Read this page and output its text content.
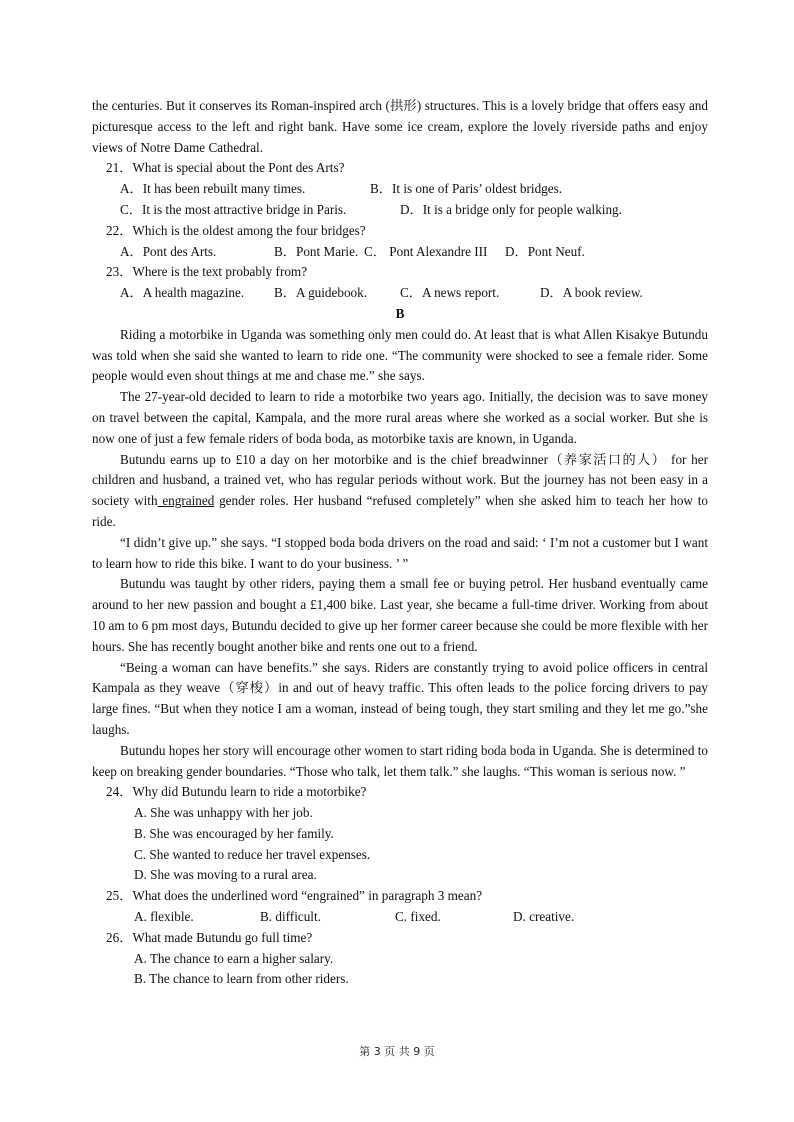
the centuries. But it conserves its Roman-inspired arch (拱形) structures. This is a lovely bridge that offers easy and picturesque access to the left and right bank. Have some ice cream, explore the lovely riverside paths and enjoy views of Notre Dame Cathedral.

21．What is special about the Pont des Arts?

A．It has been rebuilt many times.	B．It is one of Paris’ oldest bridges.
C．It is the most attractive bridge in Paris.	D．It is a bridge only for people walking.

22．Which is the oldest among the four bridges?

A．Pont des Arts.	B．Pont Marie. C． Pont Alexandre III	D．Pont Neuf.

23．Where is the text probably from?

A．A health magazine.	B．A guidebook.	C．A news report.	D．A book review.

B

Riding a motorbike in Uganda was something only men could do. At least that is what Allen Kisakye Butundu was told when she said she wanted to learn to ride one. “The community were shocked to see a female rider. Some people would even shout things at me and chase me.” she says.

The 27-year-old decided to learn to ride a motorbike two years ago. Initially, the decision was to save money on travel between the capital, Kampala, and the more rural areas where she worked as a social worker. But she is now one of just a few female riders of boda boda, as motorbike taxis are known, in Uganda.

Butundu earns up to £10 a day on her motorbike and is the chief breadwinner（养家活口的人） for her children and husband, a trained vet, who has regular periods without work. But the journey has not been easy in a society with engrained gender roles. Her husband “refused completely” when she asked him to teach her how to ride.

“I didn’t give up.” she says. “I stopped boda boda drivers on the road and said: ‘ I’m not a customer but I want to learn how to ride this bike. I want to do your business. ’ ”

Butundu was taught by other riders, paying them a small fee or buying petrol. Her husband eventually came around to her new passion and bought a £1,400 bike. Last year, she became a full-time driver. Working from about 10 am to 6 pm most days, Butundu decided to give up her former career because she could be more flexible with her hours. She has recently bought another bike and rents one out to a friend.

“Being a woman can have benefits.” she says. Riders are constantly trying to avoid police officers in central Kampala as they weave（穿梭）in and out of heavy traffic. This often leads to the police forcing drivers to pay large fines. “But when they notice I am a woman, instead of being tough, they start smiling and they let me go.”she laughs.

Butundu hopes her story will encourage other women to start riding boda boda in Uganda. She is determined to keep on breaking gender boundaries. “Those who talk, let them talk.” she laughs. “This woman is serious now. ”

24．Why did Butundu learn to ride a motorbike?

A. She was unhappy with her job.

B. She was encouraged by her family.

C. She wanted to reduce her travel expenses.

D. She was moving to a rural area.

25．What does the underlined word “engrained” in paragraph 3 mean?

A. flexible.	B. difficult.	C. fixed.	D. creative.

26．What made Butundu go full time?

A. The chance to earn a higher salary.

B. The chance to learn from other riders.

第 3 页 共 9 页
